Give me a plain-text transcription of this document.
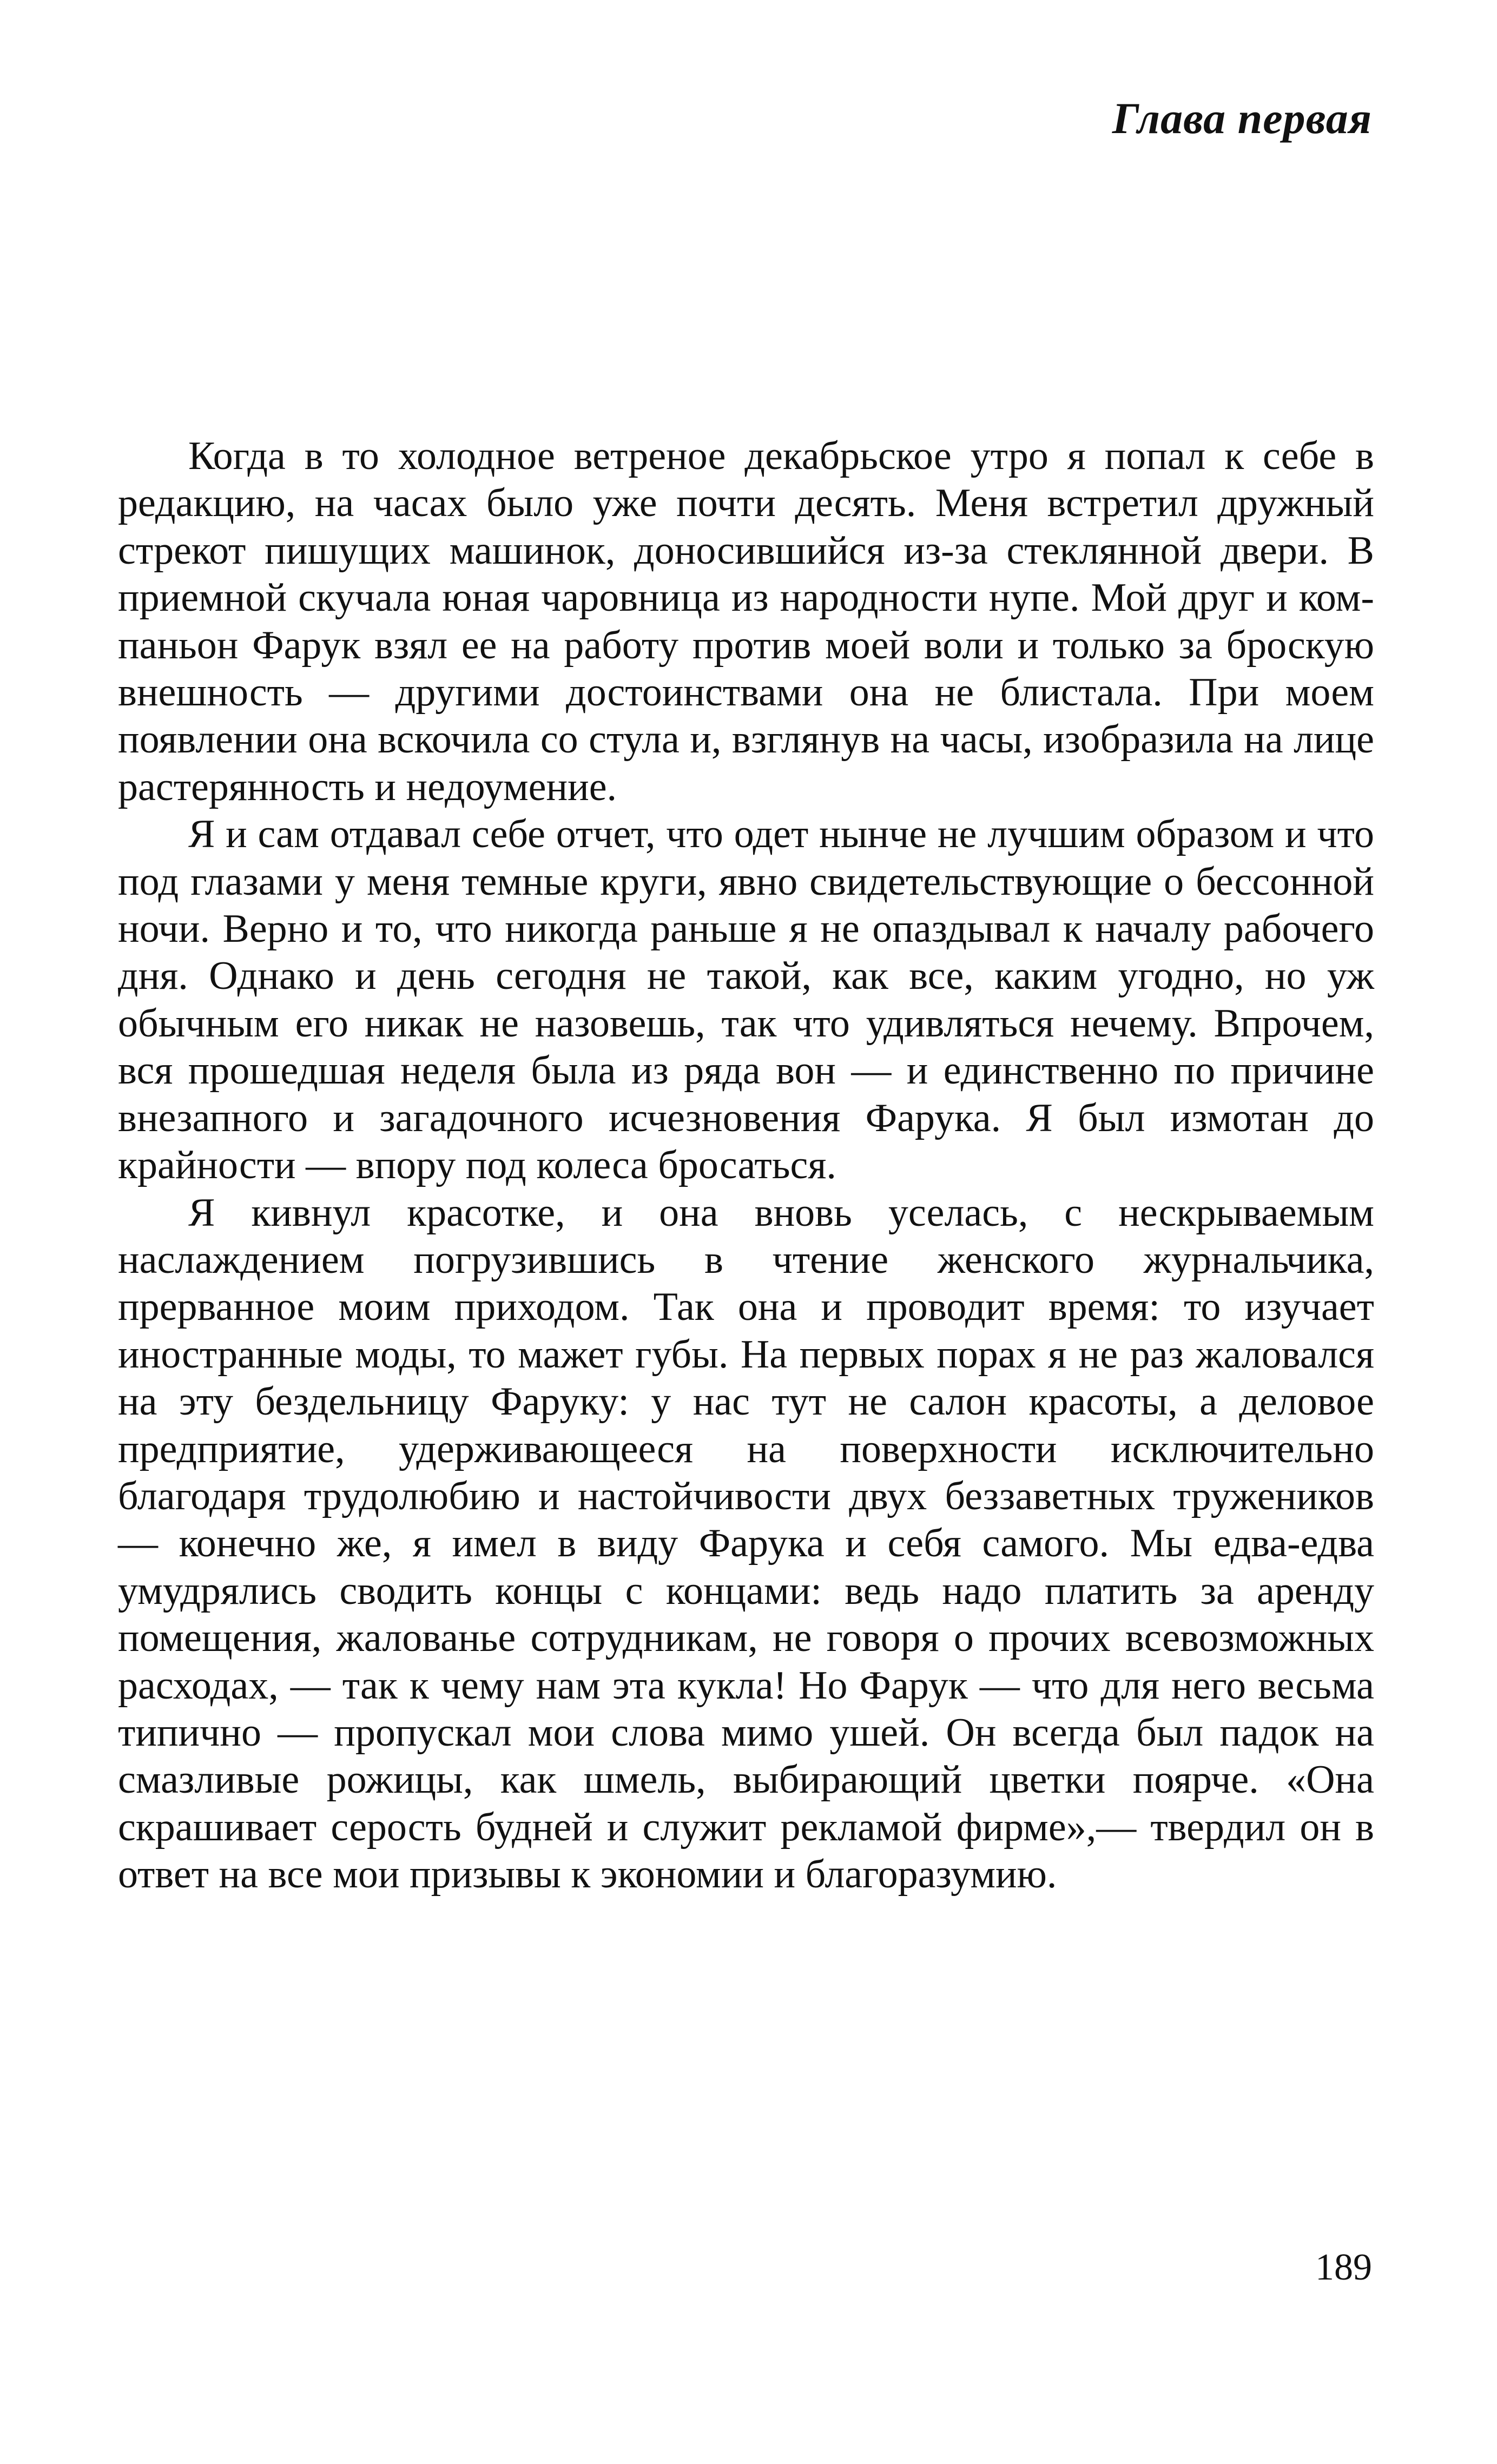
Глава первая

Когда в то холодное ветреное декабрьское утро я попал к себе в редакцию, на часах было уже почти десять. Меня встретил дружный стрекот пишущих машинок, доносившийся из-за стеклянной двери. В приемной скучала юная чаровница из народности нупе. Мой друг и компаньон Фарук взял ее на работу против моей воли и только за броскую внешность — другими достоинствами она не блистала. При моем появлении она вскочила со стула и, взглянув на часы, изобразила на лице растерянность и недоумение.

Я и сам отдавал себе отчет, что одет нынче не лучшим образом и что под глазами у меня темные круги, явно свидетельствующие о бессонной ночи. Верно и то, что никогда раньше я не опаздывал к началу рабочего дня. Однако и день сегодня не такой, как все, каким угодно, но уж обычным его никак не назовешь, так что удивляться нечему. Впрочем, вся прошедшая неделя была из ряда вон — и единственно по причине внезапного и загадочного исчезновения Фарука. Я был измотан до крайности — впору под колеса бросаться.

Я кивнул красотке, и она вновь уселась, с нескрываемым наслаждением погрузившись в чтение женского журнальчика, прерванное моим приходом. Так она и проводит время: то изучает иностранные моды, то мажет губы. На первых порах я не раз жаловался на эту бездельницу Фаруку: у нас тут не салон красоты, а деловое предприятие, удерживающееся на поверхности исключительно благодаря трудолюбию и настойчивости двух беззаветных тружеников — конечно же, я имел в виду Фарука и себя самого. Мы едва-едва умудрялись сводить концы с концами: ведь надо платить за аренду помещения, жалованье сотрудникам, не говоря о прочих всевозможных расходах, — так к чему нам эта кукла! Но Фарук — что для него весьма типично — пропускал мои слова мимо ушей. Он всегда был падок на смазливые рожицы, как шмель, выбирающий цветки поярче. «Она скрашивает серость будней и служит рекламой фирме»,— твердил он в ответ на все мои призывы к экономии и благоразумию.

189
